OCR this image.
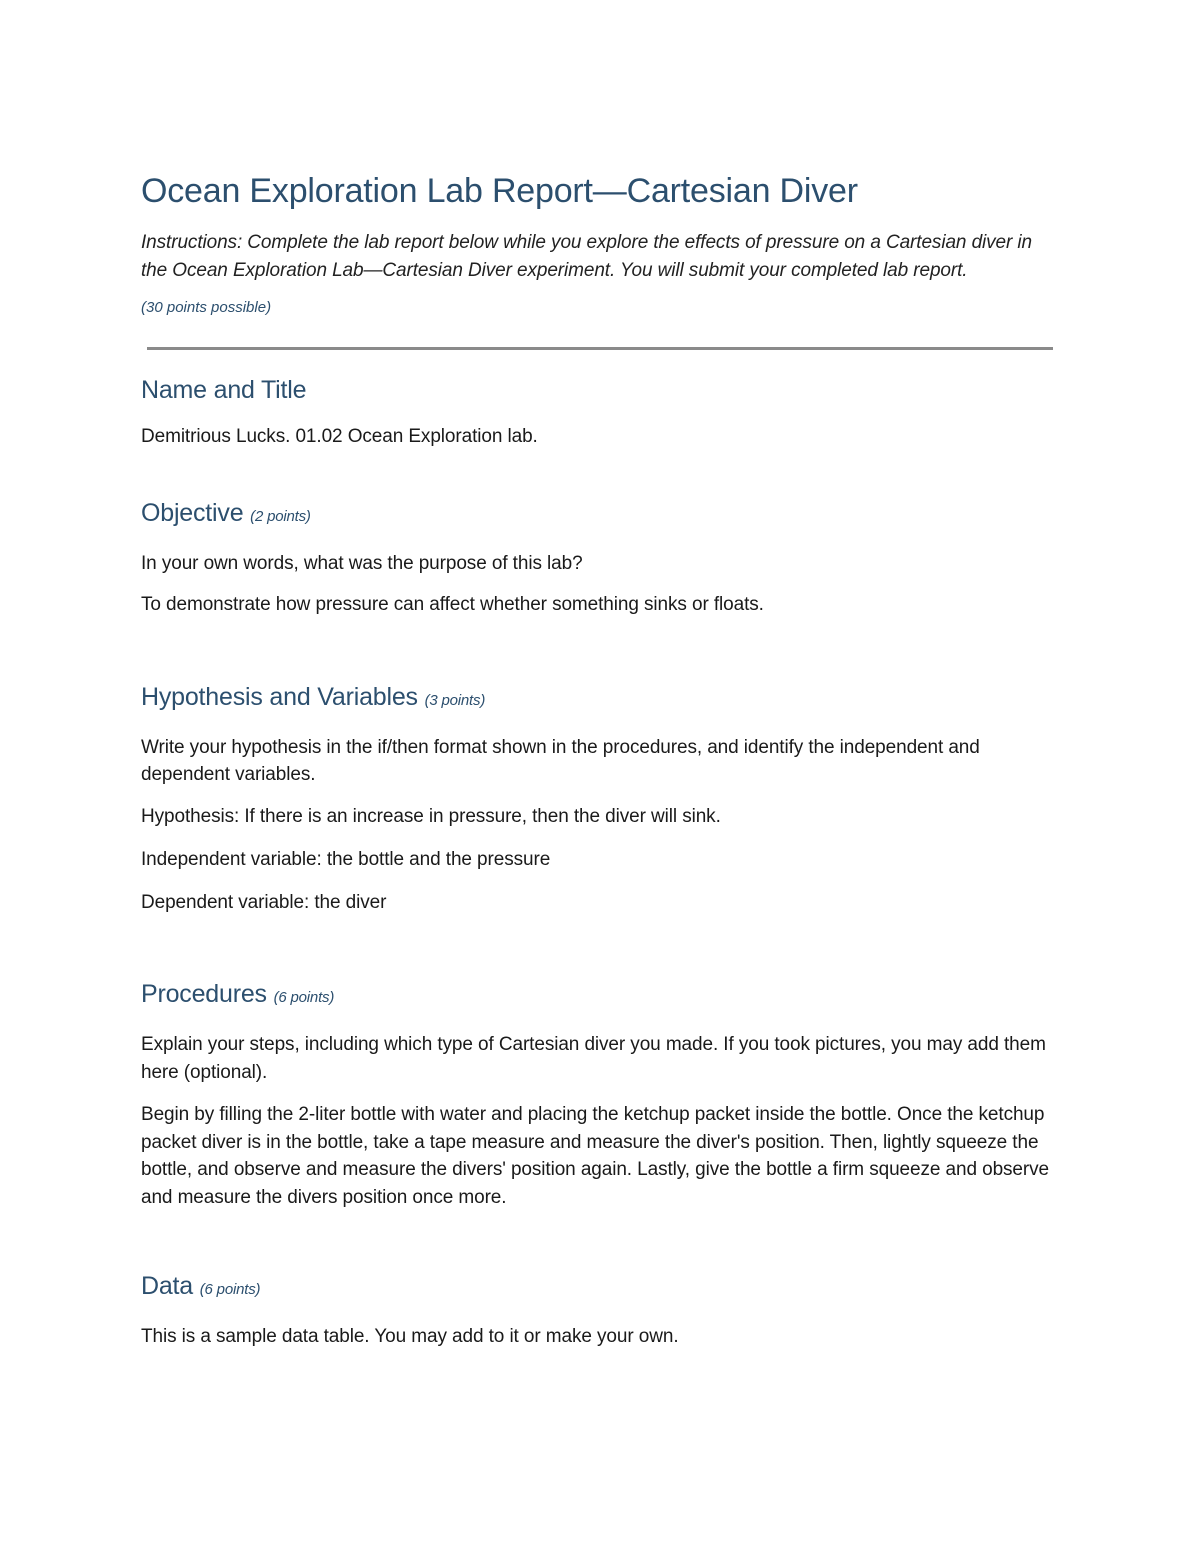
Ocean Exploration Lab Report—Cartesian Diver

Instructions: Complete the lab report below while you explore the effects of pressure on a Cartesian diver in the Ocean Exploration Lab—Cartesian Diver experiment. You will submit your completed lab report.

(30 points possible)

Name and Title

Demitrious Lucks. 01.02 Ocean Exploration lab.

Objective (2 points)

In your own words, what was the purpose of this lab?

To demonstrate how pressure can affect whether something sinks or floats.

Hypothesis and Variables (3 points)

Write your hypothesis in the if/then format shown in the procedures, and identify the independent and dependent variables.

Hypothesis: If there is an increase in pressure, then the diver will sink.

Independent variable: the bottle and the pressure

Dependent variable: the diver

Procedures (6 points)

Explain your steps, including which type of Cartesian diver you made. If you took pictures, you may add them here (optional).

Begin by filling the 2-liter bottle with water and placing the ketchup packet inside the bottle. Once the ketchup packet diver is in the bottle, take a tape measure and measure the diver's position. Then, lightly squeeze the bottle, and observe and measure the divers' position again. Lastly, give the bottle a firm squeeze and observe and measure the divers position once more.

Data (6 points)

This is a sample data table. You may add to it or make your own.
